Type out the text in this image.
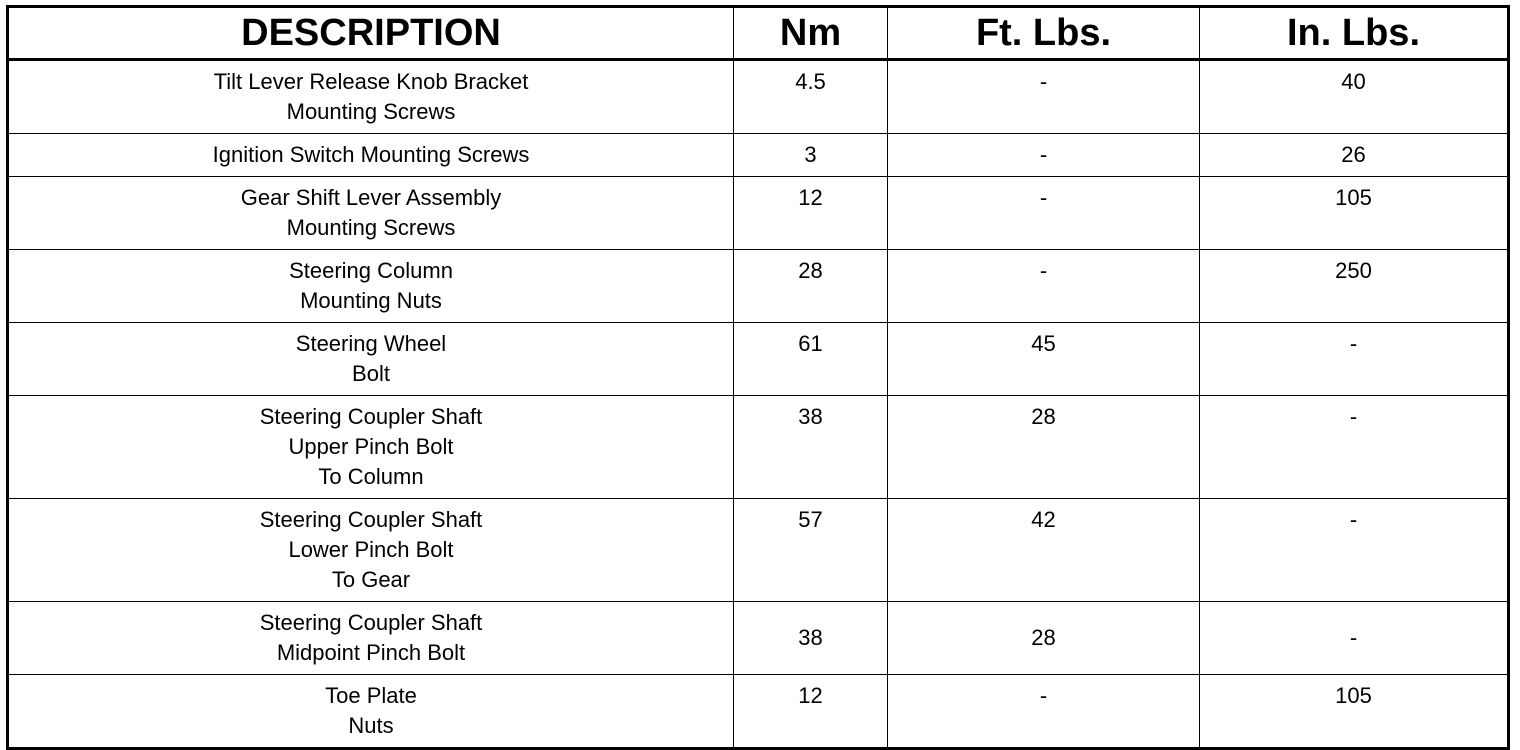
DESCRIPTION	Nm	Ft. Lbs.	In. Lbs.
Tilt Lever Release Knob Bracket
Mounting Screws	4.5	-	40
Ignition Switch Mounting Screws	3	-	26
Gear Shift Lever Assembly
Mounting Screws	12	-	105
Steering Column
Mounting Nuts	28	-	250
Steering Wheel
Bolt	61	45	-
Steering Coupler Shaft
Upper Pinch Bolt
To Column	38	28	-
Steering Coupler Shaft
Lower Pinch Bolt
To Gear	57	42	-
Steering Coupler Shaft
Midpoint Pinch Bolt	38	28	-
Toe Plate
Nuts	12	-	105
